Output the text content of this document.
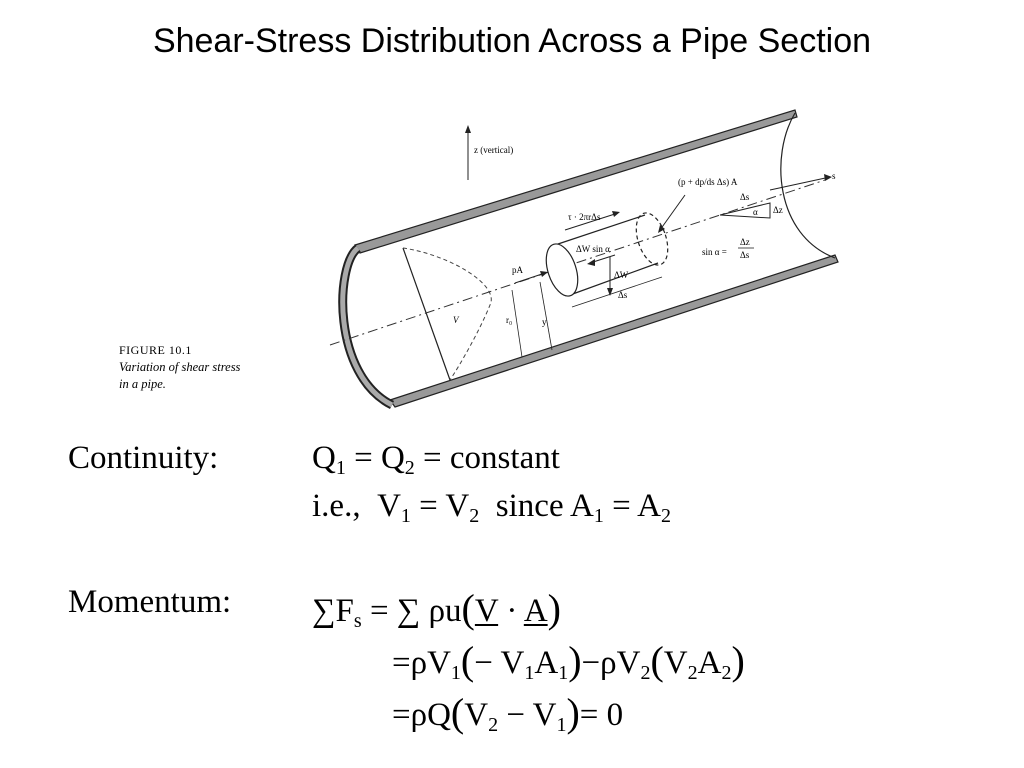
Shear-Stress Distribution Across a Pipe Section
s
z (vertical)
pA
(p + dp/ds Δs) A
τ · 2πrΔs
ΔW sin α
ΔW
Δs
r₀	y
V
Δs
α Δz
sin α =
Δz
Δs
FIGURE 10.1
Variation of shear stress
in a pipe.
Continuity:	$Q_1 = Q_2$ = constant
i.e., $V_1 = V_2$ since $A_1 = A_2$
Momentum: $\sum F_s$ = ∑ ρu(V · A)
$=\rho V_1(- V_1A_1)-\rho V_2(V_2A_2)$
$=\rho Q(V_2 - V_1)= 0$
